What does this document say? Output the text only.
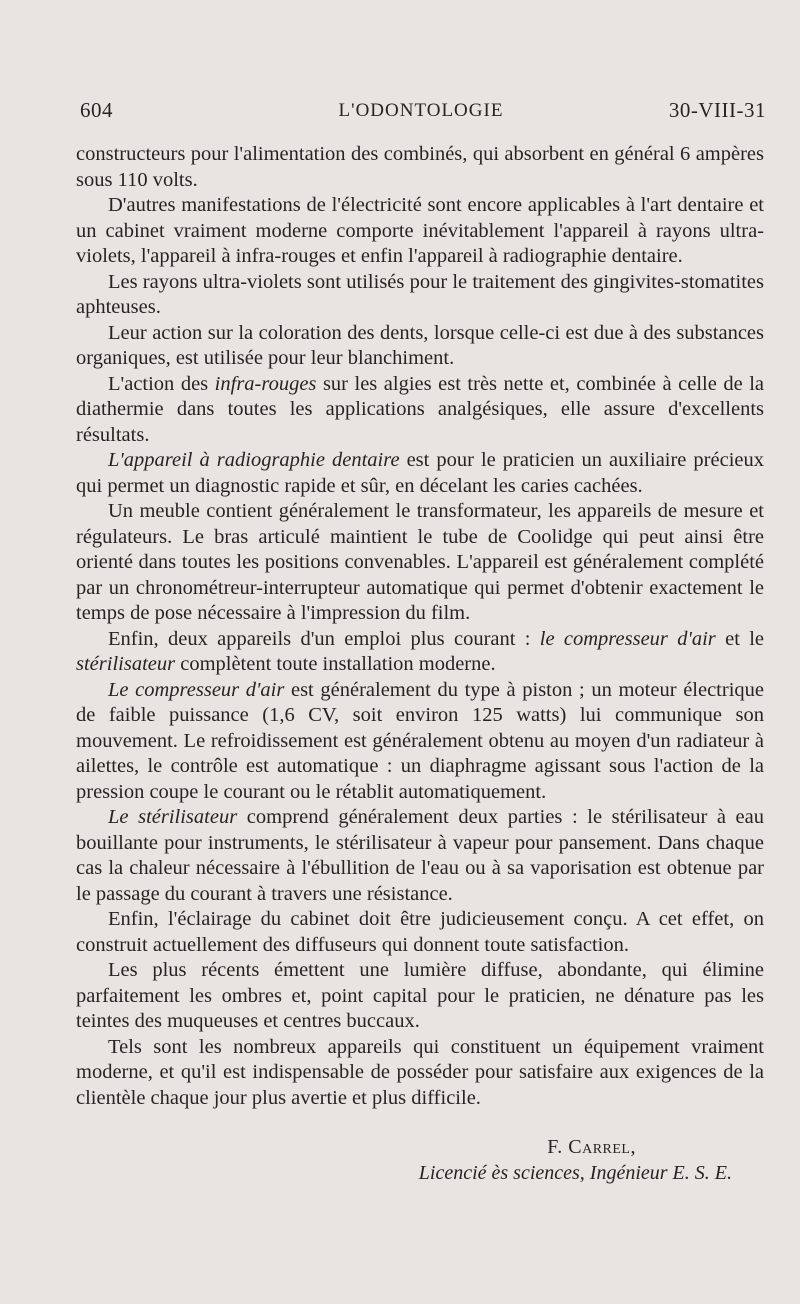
604	L'ODONTOLOGIE	30-VIII-31

constructeurs pour l'alimentation des combinés, qui absorbent en général 6 ampères sous 110 volts.

D'autres manifestations de l'électricité sont encore applicables à l'art dentaire et un cabinet vraiment moderne comporte inévitablement l'appareil à rayons ultra-violets, l'appareil à infra-rouges et enfin l'appareil à radiographie dentaire.

Les rayons ultra-violets sont utilisés pour le traitement des gingivites-stomatites aphteuses.

Leur action sur la coloration des dents, lorsque celle-ci est due à des substances organiques, est utilisée pour leur blanchiment.

L'action des infra-rouges sur les algies est très nette et, combinée à celle de la diathermie dans toutes les applications analgésiques, elle assure d'excellents résultats.

L'appareil à radiographie dentaire est pour le praticien un auxiliaire précieux qui permet un diagnostic rapide et sûr, en décelant les caries cachées.

Un meuble contient généralement le transformateur, les appareils de mesure et régulateurs. Le bras articulé maintient le tube de Coolidge qui peut ainsi être orienté dans toutes les positions convenables. L'appareil est généralement complété par un chronométreur-interrupteur automatique qui permet d'obtenir exactement le temps de pose nécessaire à l'impression du film.

Enfin, deux appareils d'un emploi plus courant : le compresseur d'air et le stérilisateur complètent toute installation moderne.

Le compresseur d'air est généralement du type à piston ; un moteur électrique de faible puissance (1,6 CV, soit environ 125 watts) lui communique son mouvement. Le refroidissement est généralement obtenu au moyen d'un radiateur à ailettes, le contrôle est automatique : un diaphragme agissant sous l'action de la pression coupe le courant ou le rétablit automatiquement.

Le stérilisateur comprend généralement deux parties : le stérilisateur à eau bouillante pour instruments, le stérilisateur à vapeur pour pansement. Dans chaque cas la chaleur nécessaire à l'ébullition de l'eau ou à sa vaporisation est obtenue par le passage du courant à travers une résistance.

Enfin, l'éclairage du cabinet doit être judicieusement conçu. A cet effet, on construit actuellement des diffuseurs qui donnent toute satisfaction.

Les plus récents émettent une lumière diffuse, abondante, qui élimine parfaitement les ombres et, point capital pour le praticien, ne dénature pas les teintes des muqueuses et centres buccaux.

Tels sont les nombreux appareils qui constituent un équipement vraiment moderne, et qu'il est indispensable de posséder pour satisfaire aux exigences de la clientèle chaque jour plus avertie et plus difficile.

F. Carrel,
Licencié ès sciences, Ingénieur E. S. E.
